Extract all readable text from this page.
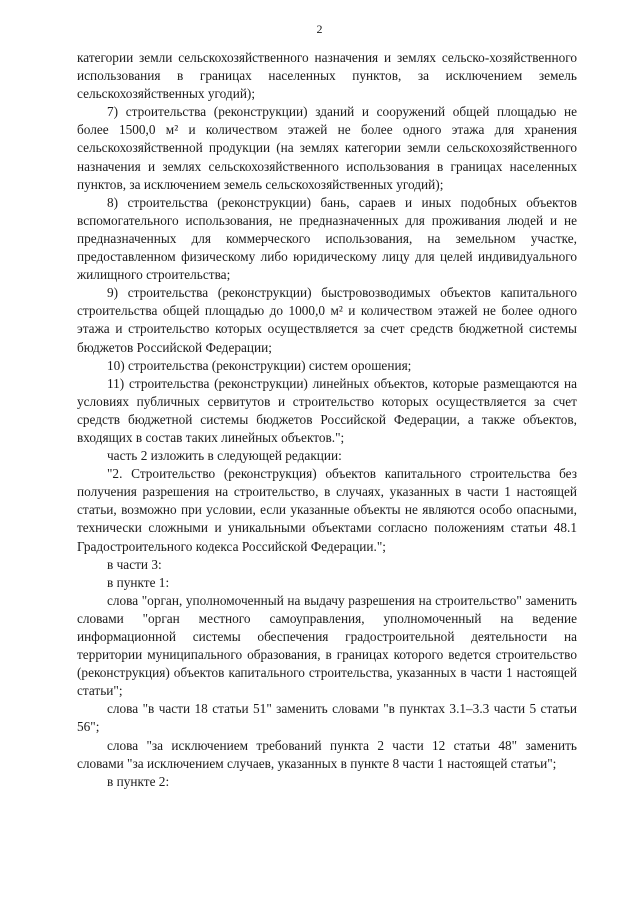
2

категории земли сельскохозяйственного назначения и землях сельско-хозяйственного использования в границах населенных пунктов, за исключением земель сельскохозяйственных угодий);

7) строительства (реконструкции) зданий и сооружений общей площадью не более 1500,0 м² и количеством этажей не более одного этажа для хранения сельскохозяйственной продукции (на землях категории земли сельскохозяйственного назначения и землях сельскохозяйственного использования в границах населенных пунктов, за исключением земель сельскохозяйственных угодий);

8) строительства (реконструкции) бань, сараев и иных подобных объектов вспомогательного использования, не предназначенных для проживания людей и не предназначенных для коммерческого использования, на земельном участке, предоставленном физическому либо юридическому лицу для целей индивидуального жилищного строительства;

9) строительства (реконструкции) быстровозводимых объектов капитального строительства общей площадью до 1000,0 м² и количеством этажей не более одного этажа и строительство которых осуществляется за счет средств бюджетной системы бюджетов Российской Федерации;

10) строительства (реконструкции) систем орошения;

11) строительства (реконструкции) линейных объектов, которые размещаются на условиях публичных сервитутов и строительство которых осуществляется за счет средств бюджетной системы бюджетов Российской Федерации, а также объектов, входящих в состав таких линейных объектов.";

часть 2 изложить в следующей редакции:

"2. Строительство (реконструкция) объектов капитального строительства без получения разрешения на строительство, в случаях, указанных в части 1 настоящей статьи, возможно при условии, если указанные объекты не являются особо опасными, технически сложными и уникальными объектами согласно положениям статьи 48.1 Градостроительного кодекса Российской Федерации.";

в части 3:

в пункте 1:

слова "орган, уполномоченный на выдачу разрешения на строительство" заменить словами "орган местного самоуправления, уполномоченный на ведение информационной системы обеспечения градостроительной деятельности на территории муниципального образования, в границах которого ведется строительство (реконструкция) объектов капитального строительства, указанных в части 1 настоящей статьи";

слова "в части 18 статьи 51" заменить словами "в пунктах 3.1–3.3 части 5 статьи 56";

слова "за исключением требований пункта 2 части 12 статьи 48" заменить словами "за исключением случаев, указанных в пункте 8 части 1 настоящей статьи";

в пункте 2:
